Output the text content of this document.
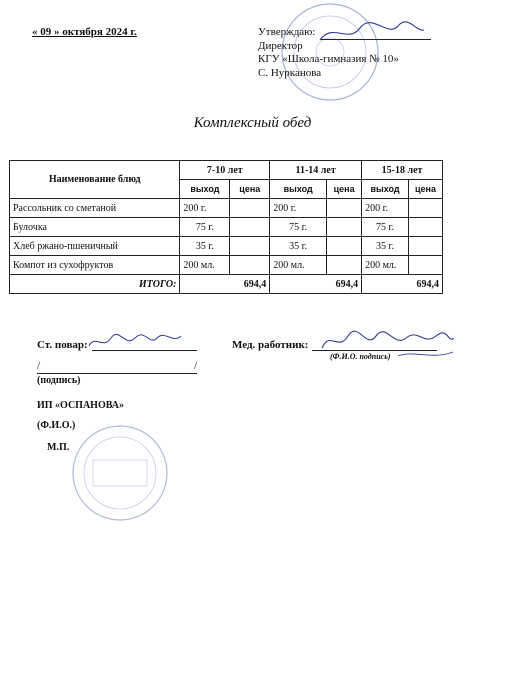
« 09 » октября 2024 г.	Утверждаю:
Директор
КГУ «Школа-гимназия № 10»
С. Нурканова
Комплексный обед
Наименование блюд	7-10 лет		11-14 лет		15-18 лет	
	выход	цена	выход	цена	выход	цена
Рассольник со сметаной	200 г.		200 г.		200 г.	
Булочка	75 г.		75 г.		75 г.	
Хлеб ржано-пшеничный	35 г.		35 г.		35 г.	
Компот из сухофруктов	200 мл.		200 мл.		200 мл.	
ИТОГО:	694,4		694,4		694,4	
Ст. повар:	Мед. работник:
(Ф.И.О. подпись)
/	/
(подпись)
ИП «ОСПАНОВА»
(Ф.И.О.)
М.П.
